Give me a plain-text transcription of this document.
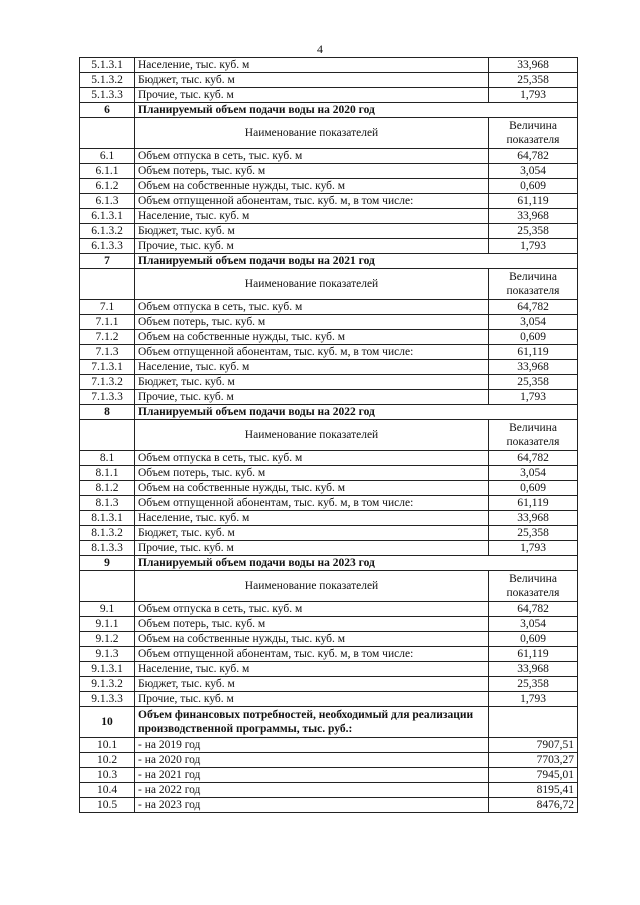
4
5.1.3.1	Население, тыс. куб. м	33,968
5.1.3.2	Бюджет, тыс. куб. м	25,358
5.1.3.3	Прочие, тыс. куб. м	1,793
6	Планируемый объем подачи воды на 2020 год	
	Наименование показателей	Величина показателя
6.1	Объем отпуска в сеть, тыс. куб. м	64,782
6.1.1	Объем потерь, тыс. куб. м	3,054
6.1.2	Объем на собственные нужды, тыс. куб. м	0,609
6.1.3	Объем отпущенной абонентам, тыс. куб. м, в том числе:	61,119
6.1.3.1	Население, тыс. куб. м	33,968
6.1.3.2	Бюджет, тыс. куб. м	25,358
6.1.3.3	Прочие, тыс. куб. м	1,793
7	Планируемый объем подачи воды на 2021 год	
	Наименование показателей	Величина показателя
7.1	Объем отпуска в сеть, тыс. куб. м	64,782
7.1.1	Объем потерь, тыс. куб. м	3,054
7.1.2	Объем на собственные нужды, тыс. куб. м	0,609
7.1.3	Объем отпущенной абонентам, тыс. куб. м, в том числе:	61,119
7.1.3.1	Население, тыс. куб. м	33,968
7.1.3.2	Бюджет, тыс. куб. м	25,358
7.1.3.3	Прочие, тыс. куб. м	1,793
8	Планируемый объем подачи воды на 2022 год	
	Наименование показателей	Величина показателя
8.1	Объем отпуска в сеть, тыс. куб. м	64,782
8.1.1	Объем потерь, тыс. куб. м	3,054
8.1.2	Объем на собственные нужды, тыс. куб. м	0,609
8.1.3	Объем отпущенной абонентам, тыс. куб. м, в том числе:	61,119
8.1.3.1	Население, тыс. куб. м	33,968
8.1.3.2	Бюджет, тыс. куб. м	25,358
8.1.3.3	Прочие, тыс. куб. м	1,793
9	Планируемый объем подачи воды на 2023 год	
	Наименование показателей	Величина показателя
9.1	Объем отпуска в сеть, тыс. куб. м	64,782
9.1.1	Объем потерь, тыс. куб. м	3,054
9.1.2	Объем на собственные нужды, тыс. куб. м	0,609
9.1.3	Объем отпущенной абонентам, тыс. куб. м, в том числе:	61,119
9.1.3.1	Население, тыс. куб. м	33,968
9.1.3.2	Бюджет, тыс. куб. м	25,358
9.1.3.3	Прочие, тыс. куб. м	1,793
10	Объем финансовых потребностей, необходимый для реализации производственной программы, тыс. руб.:	
10.1	- на 2019 год	7907,51
10.2	- на 2020 год	7703,27
10.3	- на 2021 год	7945,01
10.4	- на 2022 год	8195,41
10.5	- на 2023 год	8476,72
